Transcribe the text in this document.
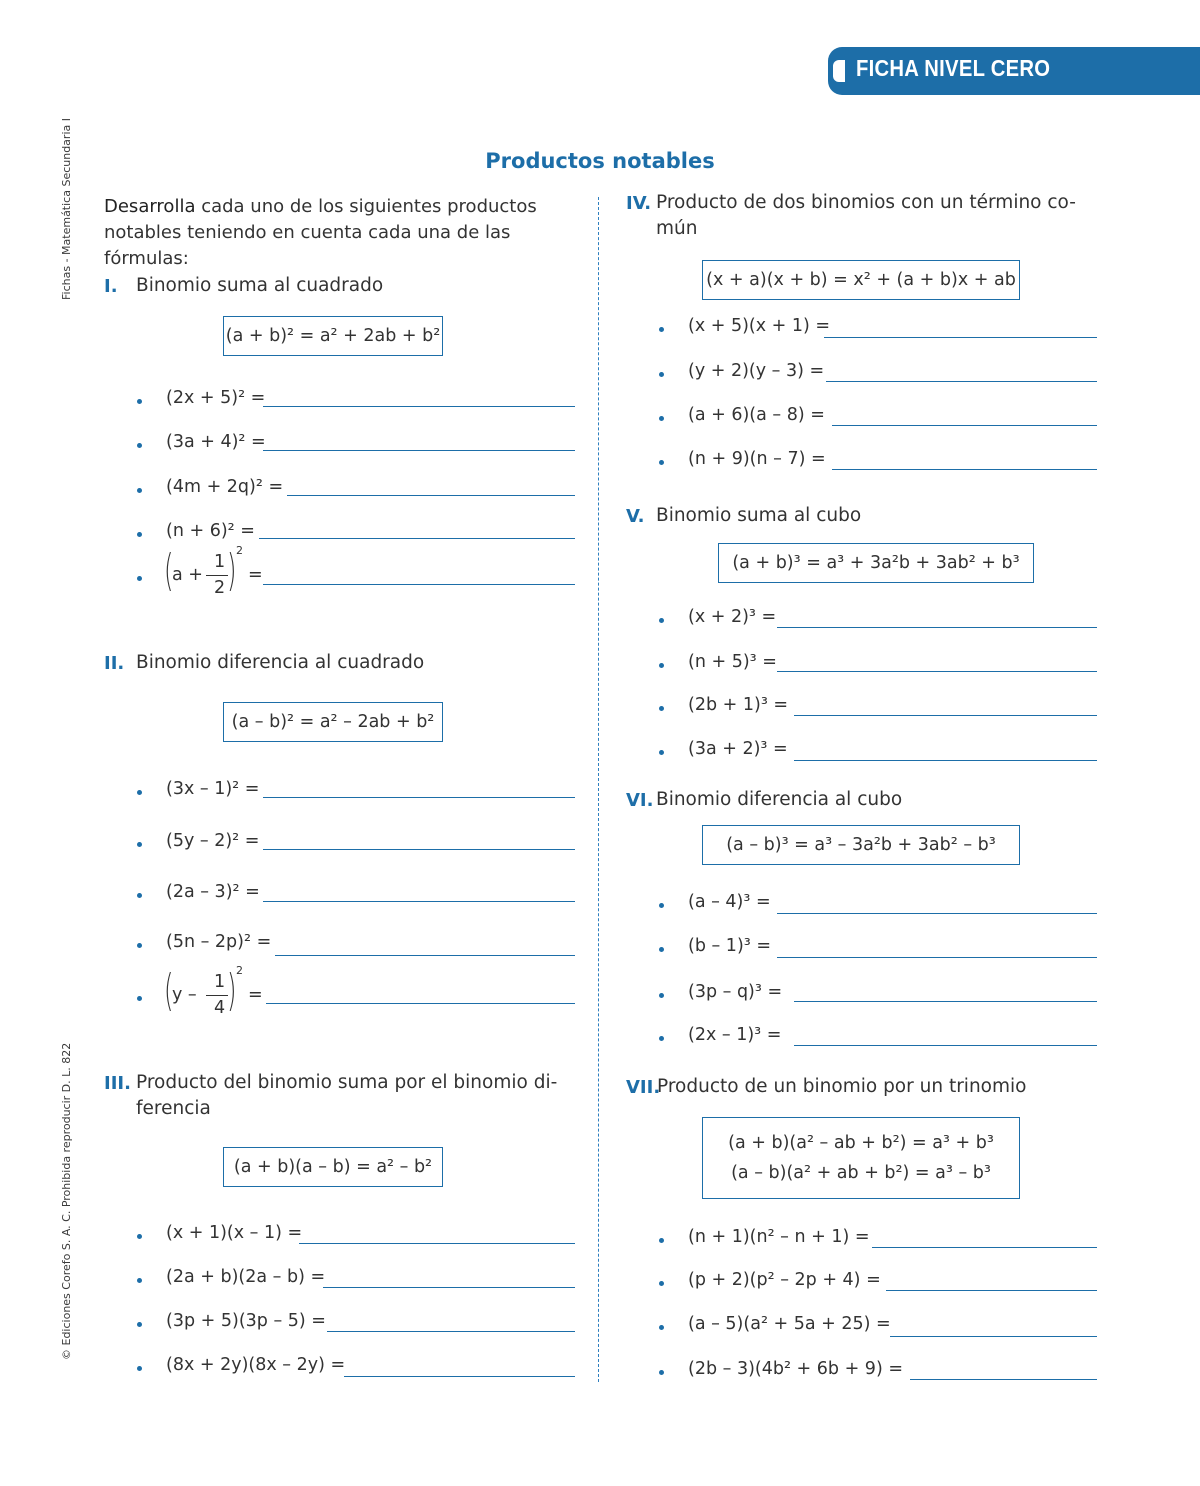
FICHA NIVEL CERO
Fichas - Matemática Secundaria I
© Ediciones Corefo S. A. C. Prohibida reproducir D. L. 822
Productos notables
Desarrolla cada uno de los siguientes productos notables teniendo en cuenta cada una de las fórmulas:
I. Binomio suma al cuadrado
(a + b)² = a² + 2ab + b²
(2x + 5)² =
(3a + 4)² =
(4m + 2q)² =
(n + 6)² =
(
a +
1
2 ) 2
=
II. Binomio diferencia al cuadrado
(a – b)² = a² – 2ab + b²
(3x – 1)² =
(5y – 2)² =
(2a – 3)² =
(5n – 2p)² =
(
y –
1
4 ) 2
=
III. Producto del binomio suma por el binomio di-
ferencia
(a + b)(a – b) = a² – b²
(x + 1)(x – 1) =
(2a + b)(2a – b) =
(3p + 5)(3p – 5) =
(8x + 2y)(8x – 2y) =
IV. Producto de dos binomios con un término co-
mún
(x + a)(x + b) = x² + (a + b)x + ab
(x + 5)(x + 1) =
(y + 2)(y – 3) =
(a + 6)(a – 8) =
(n + 9)(n – 7) =
V. Binomio suma al cubo
(a + b)³ = a³ + 3a²b + 3ab² + b³
(x + 2)³ =
(n + 5)³ =
(2b + 1)³ =
(3a + 2)³ =
VI. Binomio diferencia al cubo
(a – b)³ = a³ – 3a²b + 3ab² – b³
(a – 4)³ =
(b – 1)³ =
(3p – q)³ =
(2x – 1)³ =
VII.
Producto de un binomio por un trinomio
(a + b)(a² – ab + b²) = a³ + b³
(a – b)(a² + ab + b²) = a³ – b³
(n + 1)(n² – n + 1) =
(p + 2)(p² – 2p + 4) =
(a – 5)(a² + 5a + 25) =
(2b – 3)(4b² + 6b + 9) =
